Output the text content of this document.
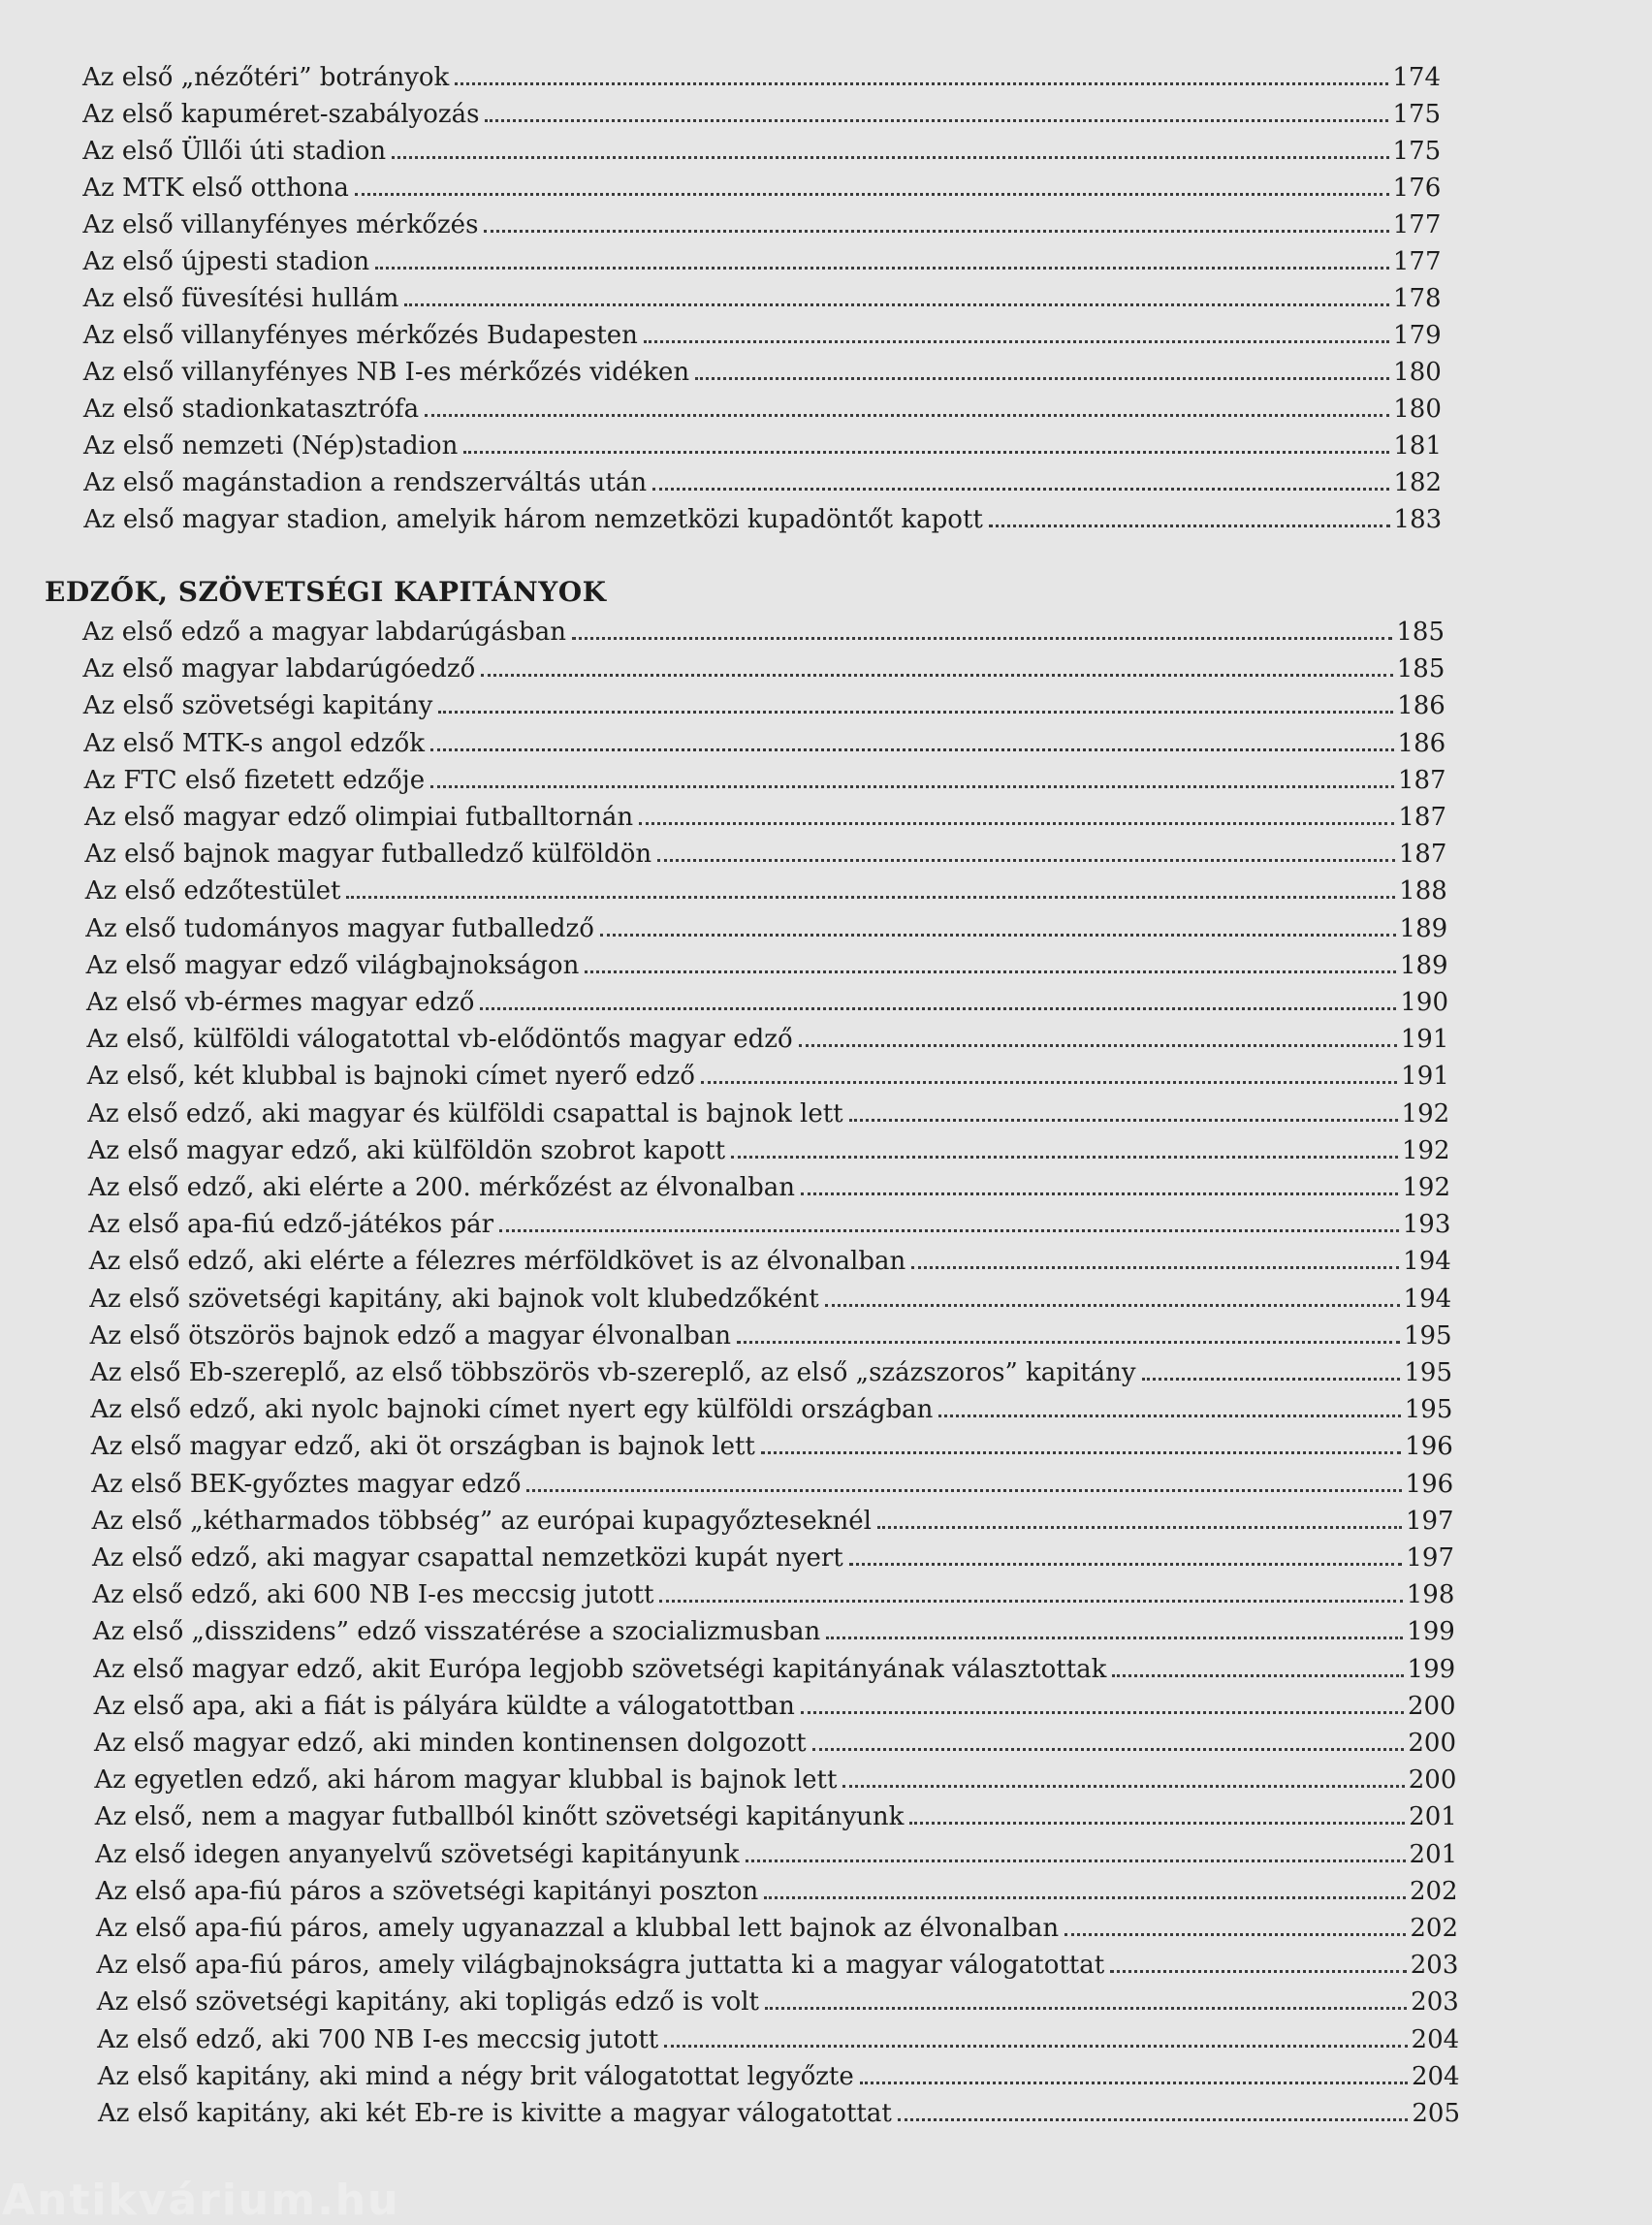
Az első „nézőtéri” botrányok	174
Az első kapuméret-szabályozás	175
Az első Üllői úti stadion	175
Az MTK első otthona	176
Az első villanyfényes mérkőzés	177
Az első újpesti stadion	177
Az első füvesítési hullám	178
Az első villanyfényes mérkőzés Budapesten	179
Az első villanyfényes NB I-es mérkőzés vidéken	180
Az első stadionkatasztrófa	180
Az első nemzeti (Nép)stadion	181
Az első magánstadion a rendszerváltás után	182
Az első magyar stadion, amelyik három nemzetközi kupadöntőt kapott	183
Az első edző a magyar labdarúgásban	185
Az első magyar labdarúgóedző	185
Az első szövetségi kapitány	186
Az első MTK-s angol edzők	186
Az FTC első fizetett edzője	187
Az első magyar edző olimpiai futballtornán	187
Az első bajnok magyar futballedző külföldön	187
Az első edzőtestület	188
Az első tudományos magyar futballedző	189
Az első magyar edző világbajnokságon	189
Az első vb-érmes magyar edző	190
Az első, külföldi válogatottal vb-elődöntős magyar edző	191
Az első, két klubbal is bajnoki címet nyerő edző	191
Az első edző, aki magyar és külföldi csapattal is bajnok lett	192
Az első magyar edző, aki külföldön szobrot kapott	192
Az első edző, aki elérte a 200. mérkőzést az élvonalban	192
Az első apa-fiú edző-játékos pár	193
Az első edző, aki elérte a félezres mérföldkövet is az élvonalban	194
Az első szövetségi kapitány, aki bajnok volt klubedzőként	194
Az első ötszörös bajnok edző a magyar élvonalban	195
Az első Eb-szereplő, az első többszörös vb-szereplő, az első „százszoros” kapitány	195
Az első edző, aki nyolc bajnoki címet nyert egy külföldi országban	195
Az első magyar edző, aki öt országban is bajnok lett	196
Az első BEK-győztes magyar edző	196
Az első „kétharmados többség” az európai kupagyőzteseknél	197
Az első edző, aki magyar csapattal nemzetközi kupát nyert	197
Az első edző, aki 600 NB I-es meccsig jutott	198
Az első „disszidens” edző visszatérése a szocializmusban	199
Az első magyar edző, akit Európa legjobb szövetségi kapitányának választottak	199
Az első apa, aki a fiát is pályára küldte a válogatottban	200
Az első magyar edző, aki minden kontinensen dolgozott	200
Az egyetlen edző, aki három magyar klubbal is bajnok lett	200
Az első, nem a magyar futballból kinőtt szövetségi kapitányunk	201
Az első idegen anyanyelvű szövetségi kapitányunk	201
Az első apa-fiú páros a szövetségi kapitányi poszton	202
Az első apa-fiú páros, amely ugyanazzal a klubbal lett bajnok az élvonalban	202
Az első apa-fiú páros, amely világbajnokságra juttatta ki a magyar válogatottat	203
Az első szövetségi kapitány, aki topligás edző is volt	203
Az első edző, aki 700 NB I-es meccsig jutott	204
Az első kapitány, aki mind a négy brit válogatottat legyőzte	204
Az első kapitány, aki két Eb-re is kivitte a magyar válogatottat	205
EDZŐK, SZÖVETSÉGI KAPITÁNYOK
Antikvárium.hu
